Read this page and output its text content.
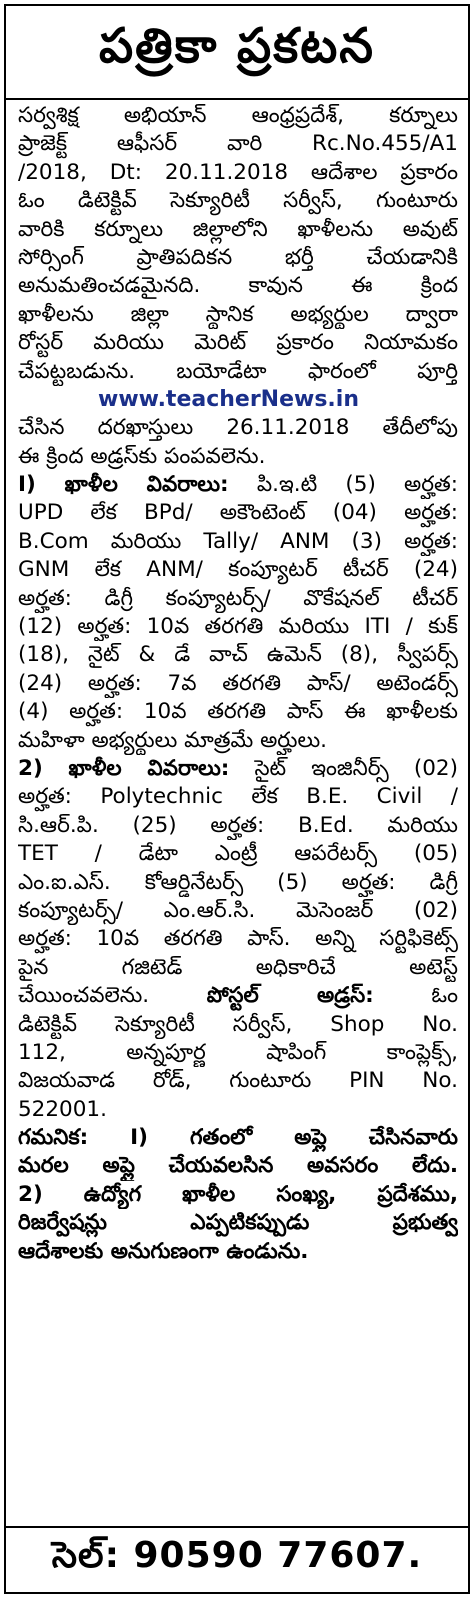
పత్రికా ప్రకటన
సర్వశిక్ష అభియాన్ ఆంధ్రప్రదేశ్, కర్నూలు
ప్రాజెక్ట్ ఆఫీసర్ వారి Rc.No.455/A1
/2018, Dt: 20.11.2018 ఆదేశాల ప్రకారం
ఓం డిటెక్టివ్ సెక్యూరిటీ సర్వీస్, గుంటూరు
వారికి కర్నూలు జిల్లాలోని ఖాళీలను అవుట్
సోర్సింగ్ ప్రాతిపదికన భర్తీ చేయడానికి
అనుమతించడమైనది. కావున ఈ క్రింద
ఖాళీలను జిల్లా స్థానిక అభ్యర్థుల ద్వారా
రోస్టర్ మరియు మెరిట్ ప్రకారం నియామకం
చేపట్టబడును. బయోడేటా ఫారంలో పూర్తి
www.teacherNews.in
చేసిన దరఖాస్తులు 26.11.2018 తేదీలోపు
ఈ క్రింద అడ్రస్‌కు పంపవలెను.
I) ఖాళీల వివరాలు: పి.ఇ.టి (5) అర్హత:
UPD లేక BPd/ అకౌంటెంట్ (04) అర్హత:
B.Com మరియు Tally/ ANM (3) అర్హత:
GNM లేక ANM/ కంప్యూటర్ టీచర్ (24)
అర్హత: డిగ్రీ కంప్యూటర్స్/ వొకేషనల్ టీచర్
(12) అర్హత: 10వ తరగతి మరియు ITI / కుక్
(18), నైట్ & డే వాచ్ ఉమెన్ (8), స్వీపర్స్
(24) అర్హత: 7వ తరగతి పాస్/ అటెండర్స్
(4) అర్హత: 10వ తరగతి పాస్ ఈ ఖాళీలకు
మహిళా అభ్యర్థులు మాత్రమే అర్హులు.
2) ఖాళీల వివరాలు: సైట్ ఇంజినీర్స్ (02)
అర్హత: Polytechnic లేక B.E. Civil /
సి.ఆర్.పి. (25) అర్హత: B.Ed. మరియు
TET / డేటా ఎంట్రీ ఆపరేటర్స్ (05)
ఎం.ఐ.ఎస్. కోఆర్డినేటర్స్ (5) అర్హత: డిగ్రీ
కంప్యూటర్స్/ ఎం.ఆర్.సి. మెసెంజర్ (02)
అర్హత: 10వ తరగతి పాస్. అన్ని సర్టిఫికెట్స్
పైన గజిటెడ్ అధికారిచే అటెస్ట్
చేయించవలెను.	పోస్టల్ అడ్రస్:	ఓం
డిటెక్టివ్ సెక్యూరిటీ సర్వీస్, Shop No.
112, అన్నపూర్ణ షాపింగ్ కాంప్లెక్స్,
విజయవాడ రోడ్, గుంటూరు PIN No.
522001.
గమనిక: I) గతంలో అప్లై చేసినవారు
మరల అప్లై చేయవలసిన అవసరం లేదు.
2) ఉద్యోగ ఖాళీల సంఖ్య, ప్రదేశము,
రిజర్వేషన్లు ఎప్పటికప్పుడు ప్రభుత్వ
ఆదేశాలకు అనుగుణంగా ఉండును.
సెల్: 90590 77607.
